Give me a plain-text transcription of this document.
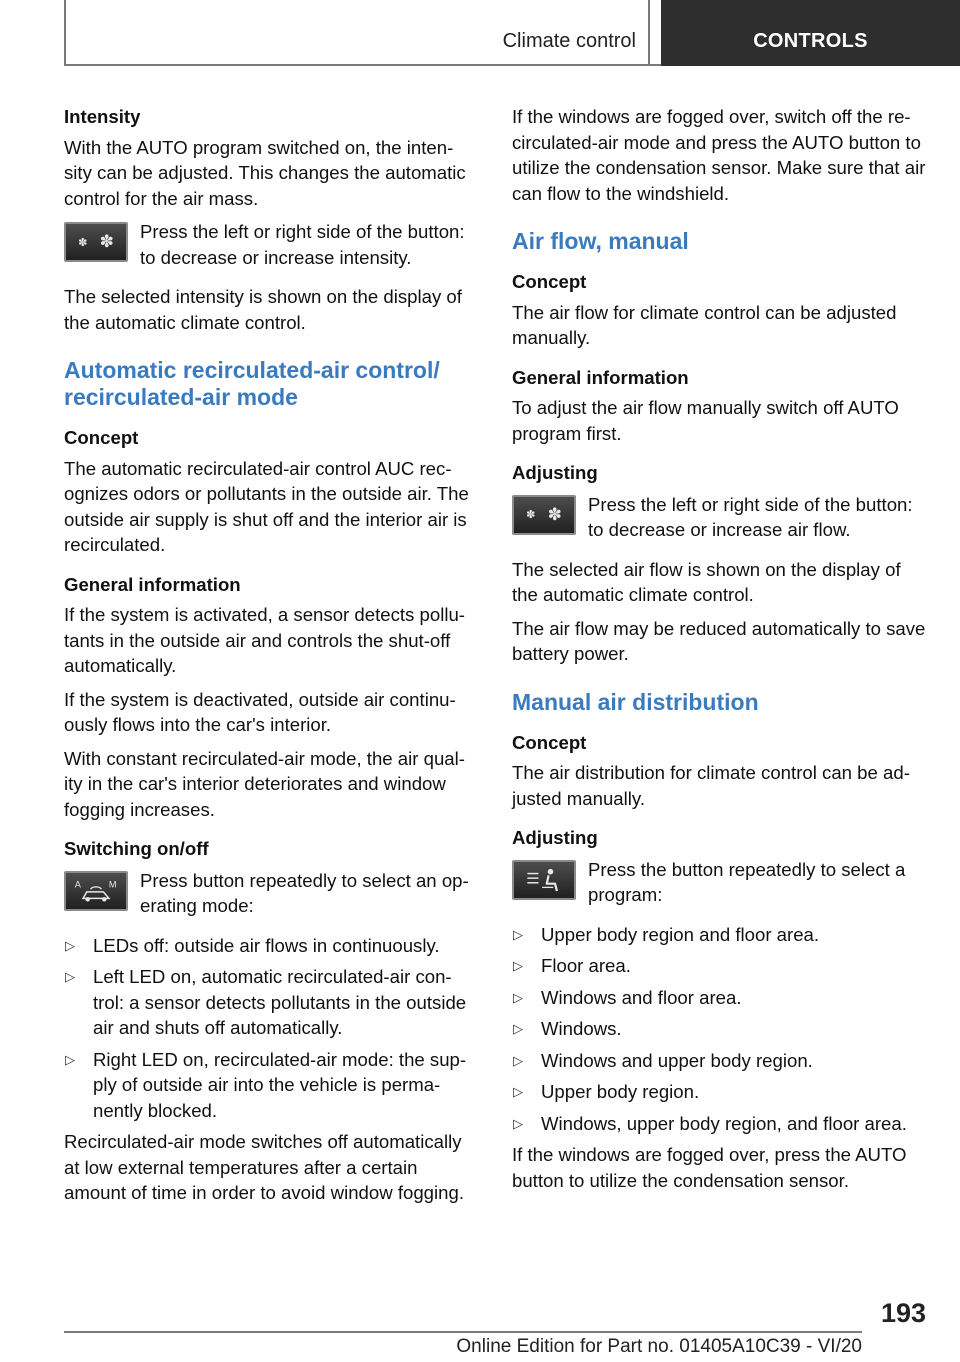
Climate control	CONTROLS
Intensity
With the AUTO program switched on, the inten-sity can be adjusted. This changes the automatic control for the air mass.
✽ ✽ Press the left or right side of the button: to decrease or increase intensity.
The selected intensity is shown on the display of the automatic climate control.
Automatic recirculated-air control/ recirculated-air mode
Concept
The automatic recirculated-air control AUC rec-ognizes odors or pollutants in the outside air. The outside air supply is shut off and the interior air is recirculated.
General information
If the system is activated, a sensor detects pollu-tants in the outside air and controls the shut-off automatically.
If the system is deactivated, outside air continu-ously flows into the car's interior.
With constant recirculated-air mode, the air qual-ity in the car's interior deteriorates and window fogging increases.
Switching on/off
A	M Press button repeatedly to select an op-erating mode:
▷ LEDs off: outside air flows in continuously.
▷ Left LED on, automatic recirculated-air con-trol: a sensor detects pollutants in the outside air and shuts off automatically.
▷ Right LED on, recirculated-air mode: the sup-ply of outside air into the vehicle is perma-nently blocked.
Recirculated-air mode switches off automatically at low external temperatures after a certain amount of time in order to avoid window fogging.
If the windows are fogged over, switch off the re-circulated-air mode and press the AUTO button to utilize the condensation sensor. Make sure that air can flow to the windshield.
Air flow, manual
Concept
The air flow for climate control can be adjusted manually.
General information
To adjust the air flow manually switch off AUTO program first.
Adjusting
✽ ✽ Press the left or right side of the button: to decrease or increase air flow.
The selected air flow is shown on the display of the automatic climate control.
The air flow may be reduced automatically to save battery power.
Manual air distribution
Concept
The air distribution for climate control can be ad-justed manually.
Adjusting
Press the button repeatedly to select a program:
▷ Upper body region and floor area.
▷ Floor area.
▷ Windows and floor area.
▷ Windows.
▷ Windows and upper body region.
▷ Upper body region.
▷ Windows, upper body region, and floor area.
If the windows are fogged over, press the AUTO button to utilize the condensation sensor.
193
Online Edition for Part no. 01405A10C39 - VI/20
